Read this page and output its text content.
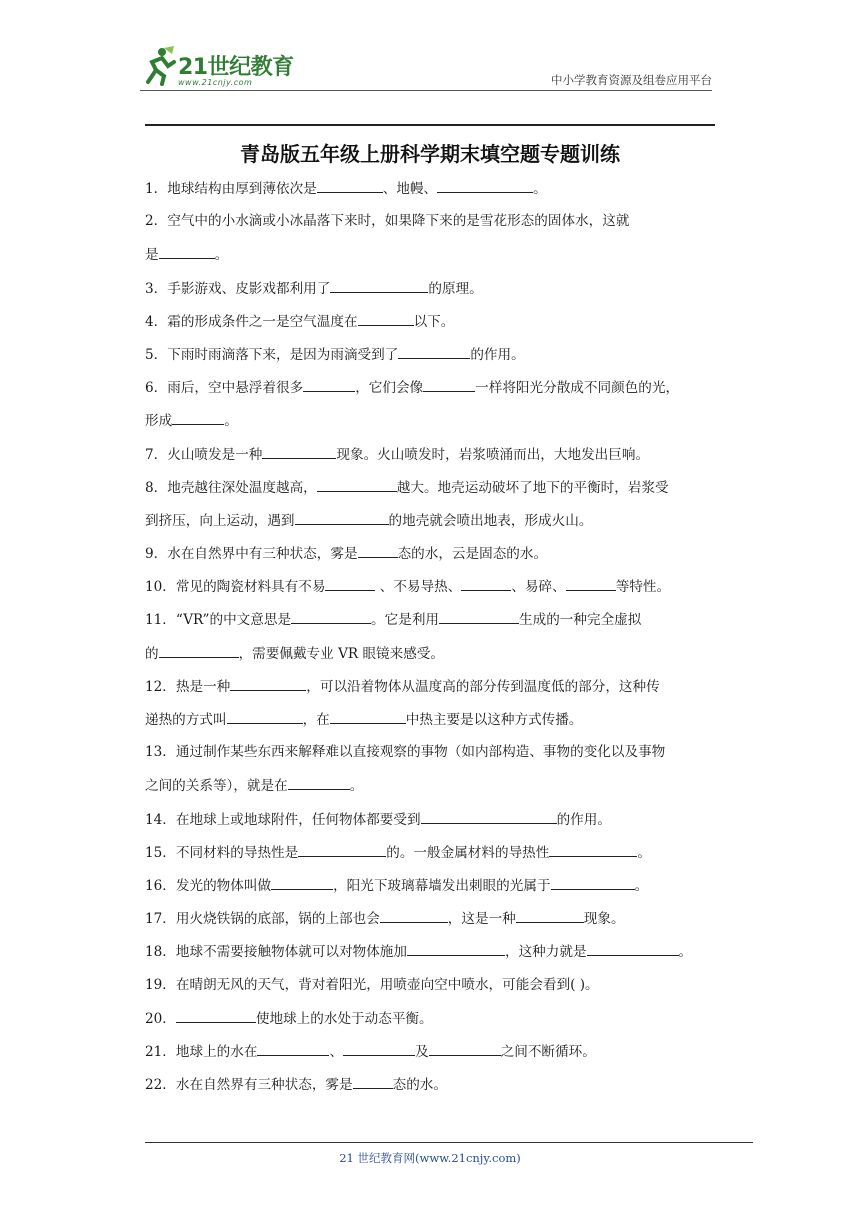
21世纪教育
www.21cnjy.com	中小学教育资源及组卷应用平台
青岛版五年级上册科学期末填空题专题训练
1．地球结构由厚到薄依次是	、地幔、	。
2．空气中的小水滴或小冰晶落下来时，如果降下来的是雪花形态的固体水，这就
是	。
3．手影游戏、皮影戏都利用了	的原理。
4．霜的形成条件之一是空气温度在	以下。
5．下雨时雨滴落下来，是因为雨滴受到了	的作用。
6．雨后，空中悬浮着很多	，它们会像	一样将阳光分散成不同颜色的光，
形成	。
7．火山喷发是一种	现象。火山喷发时，岩浆喷涌而出，大地发出巨响。
8．地壳越往深处温度越高，	越大。地壳运动破坏了地下的平衡时，岩浆受
到挤压，向上运动，遇到	的地壳就会喷出地表，形成火山。
9．水在自然界中有三种状态，雾是	态的水，云是固态的水。
10．常见的陶瓷材料具有不易	、不易导热、	、易碎、	等特性。
11．“VR”的中文意思是	。它是利用	生成的一种完全虚拟
的	，需要佩戴专业 VR 眼镜来感受。
12．热是一种	，可以沿着物体从温度高的部分传到温度低的部分，这种传
递热的方式叫	，在	中热主要是以这种方式传播。
13．通过制作某些东西来解释难以直接观察的事物（如内部构造、事物的变化以及事物
之间的关系等），就是在	。
14．在地球上或地球附件，任何物体都要受到	的作用。
15．不同材料的导热性是	的。一般金属材料的导热性	。
16．发光的物体叫做	，阳光下玻璃幕墙发出刺眼的光属于	。
17．用火烧铁锅的底部，锅的上部也会	，这是一种	现象。
18．地球不需要接触物体就可以对物体施加	，这种力就是	。
19．在晴朗无风的天气，背对着阳光，用喷壶向空中喷水，可能会看到( )。
20．	使地球上的水处于动态平衡。
21．地球上的水在	、	及	之间不断循环。
22．水在自然界有三种状态，雾是	态的水。
21 世纪教育网(www.21cnjy.com)
